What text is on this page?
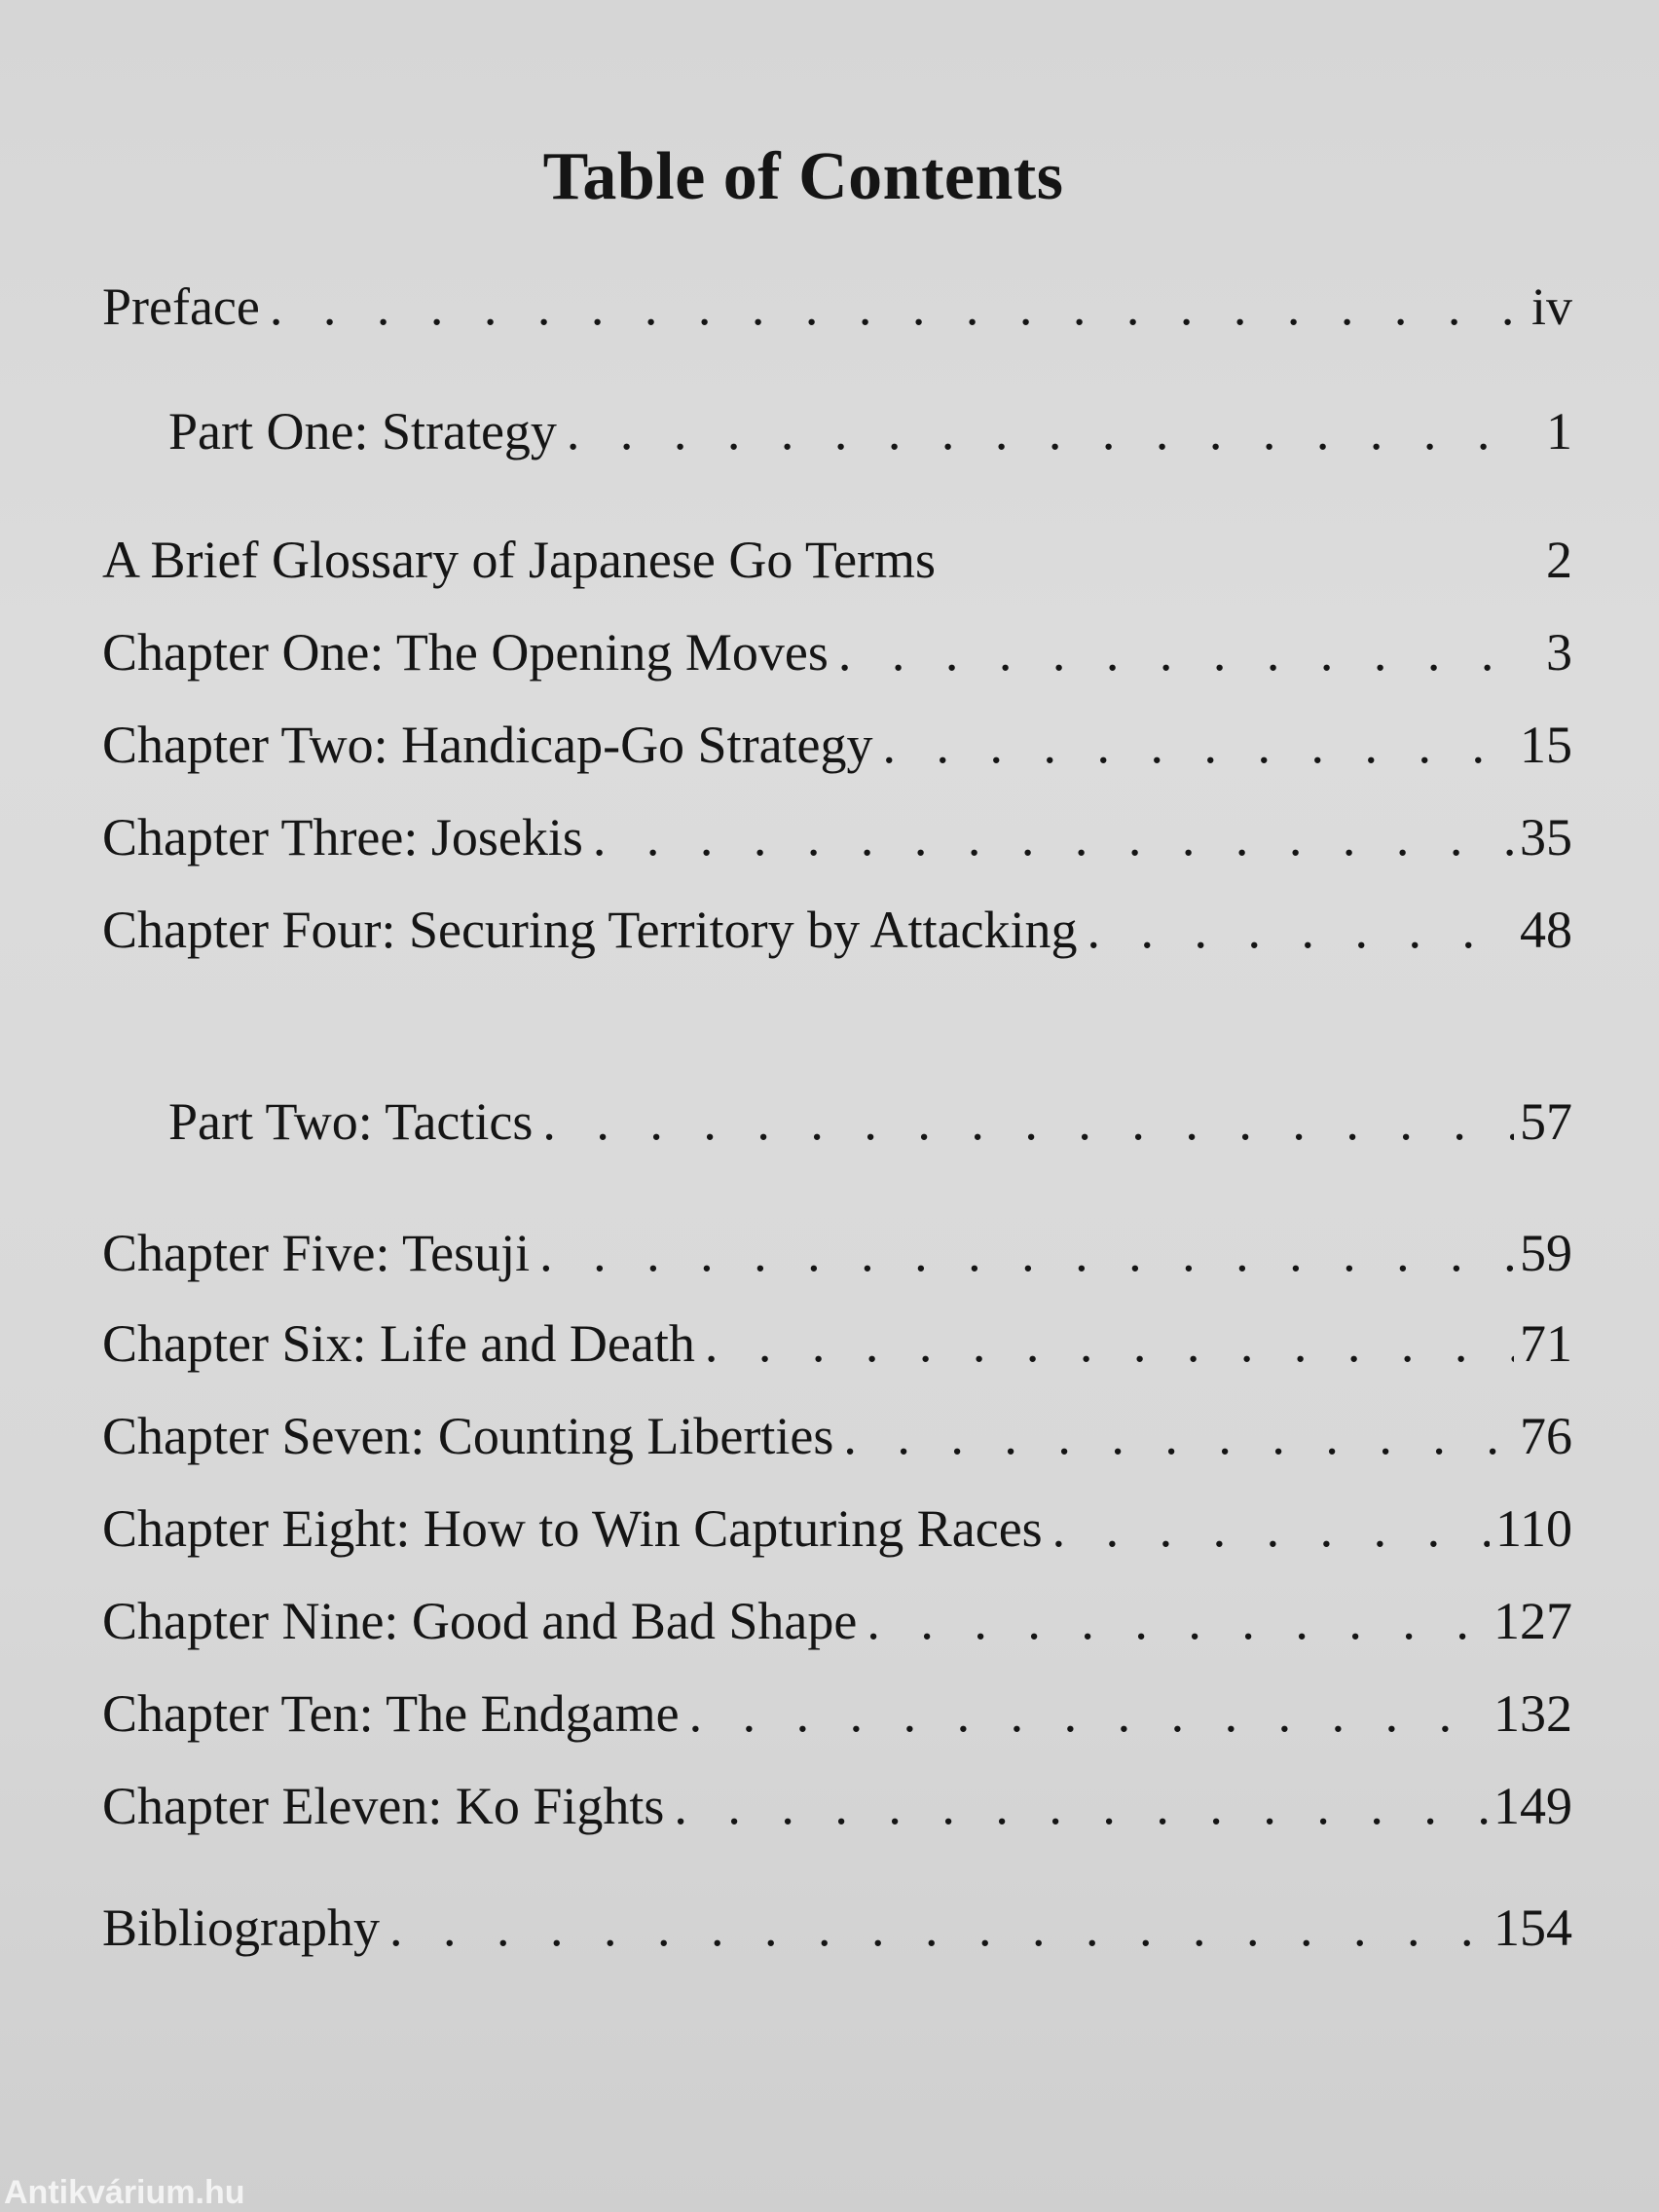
Table of Contents
Preface . . .	iv
Part One: Strategy . . .	1
A Brief Glossary of Japanese Go Terms	2
Chapter One: The Opening Moves . . .	3
Chapter Two: Handicap-Go Strategy . . .	15
Chapter Three: Josekis . . .	35
Chapter Four: Securing Territory by Attacking . . .	48
Part Two: Tactics . . .	57
Chapter Five: Tesuji . . .	59
Chapter Six: Life and Death . . .	71
Chapter Seven: Counting Liberties . . .	76
Chapter Eight: How to Win Capturing Races . . .	110
Chapter Nine: Good and Bad Shape . . .	127
Chapter Ten: The Endgame . . .	132
Chapter Eleven: Ko Fights . . .	149
Bibliography . . .	154
Antikvárium.hu
